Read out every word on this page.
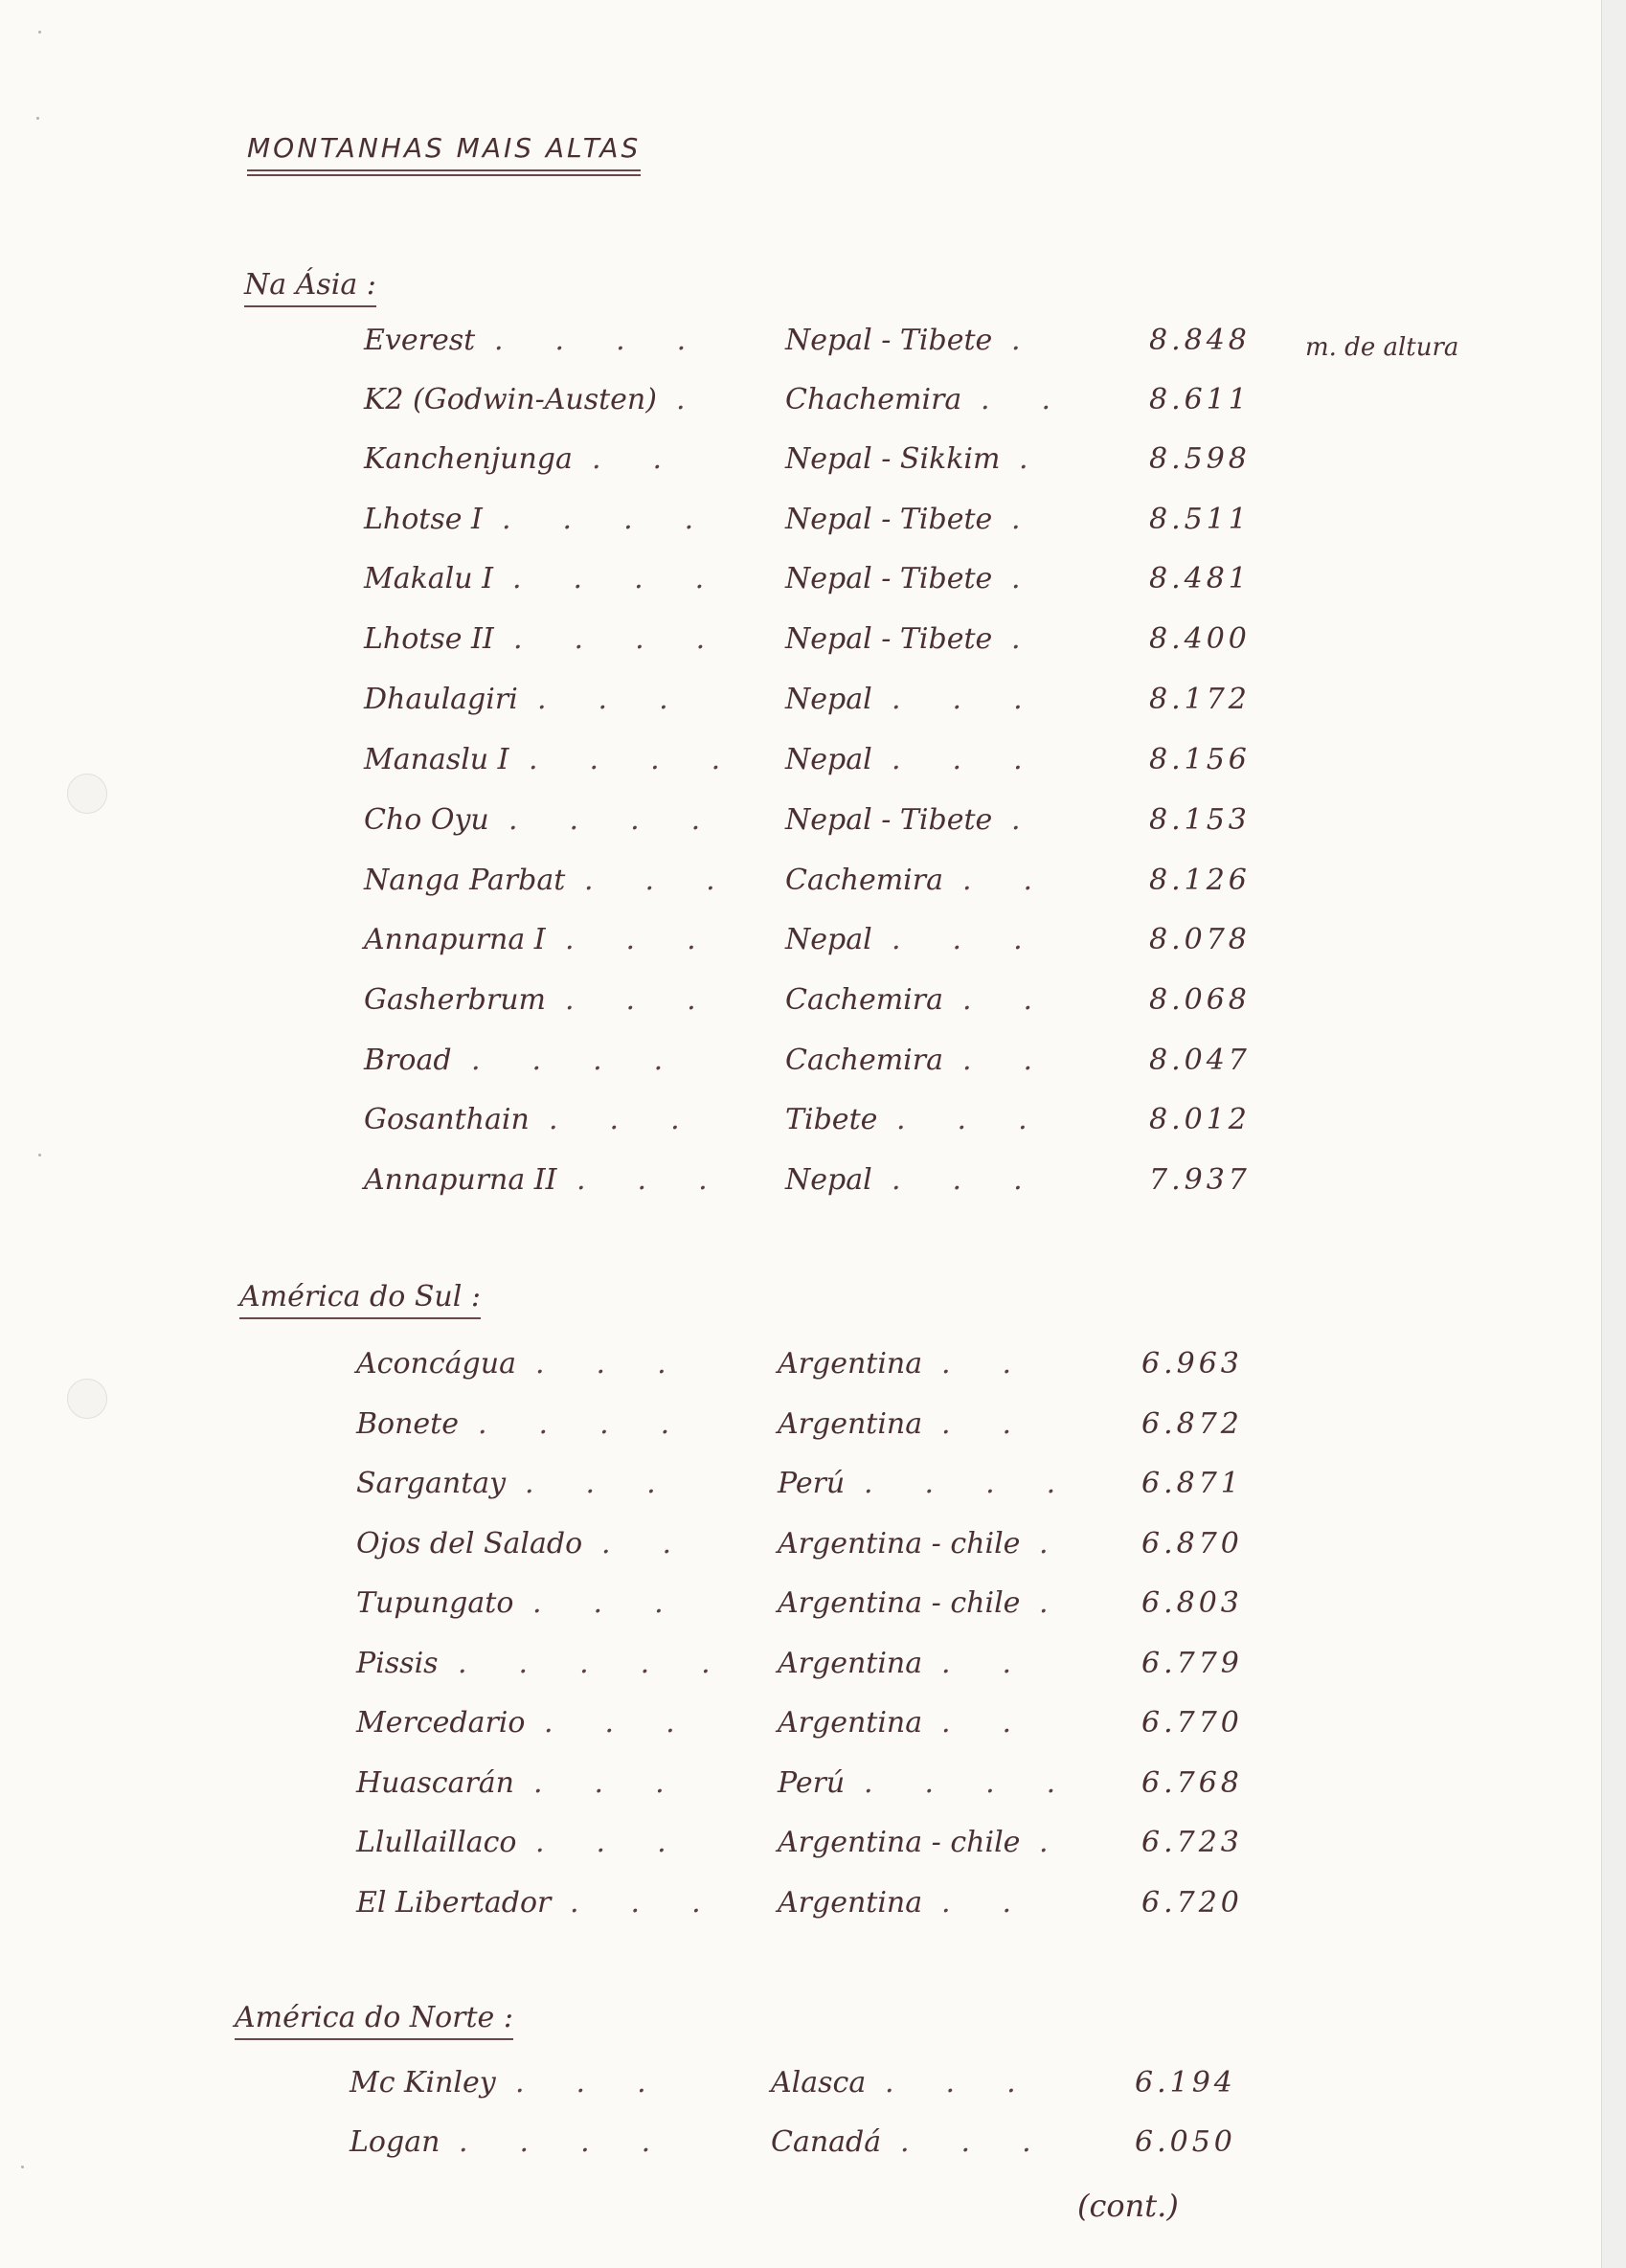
MONTANHAS MAIS ALTAS
m. de altura
Na Ásia :
Everest .... Nepal - Tibete .	8.848
K2 (Godwin-Austen) . Chachemira .. 8.611
Kanchenjunga .. Nepal - Sikkim . 8.598
Lhotse I .... Nepal - Tibete .	8.511
Makalu I .... Nepal - Tibete .	8.481
Lhotse II .... Nepal - Tibete .	8.400
Dhaulagiri ... Nepal ...	8.172
Manaslu I .... Nepal ...	8.156
Cho Oyu .... Nepal - Tibete .	8.153
Nanga Parbat ... Cachemira .. 8.126
Annapurna I ... Nepal ...	8.078
Gasherbrum ... Cachemira .. 8.068
Broad .... Cachemira .. 8.047
Gosanthain ... Tibete ... 8.012
Annapurna II ... Nepal ...	7.937
América do Sul :
Aconcágua ... Argentina ..	6.963
Bonete .... Argentina ..	6.872
Sargantay ... Perú .... 6.871
Ojos del Salado .. Argentina - chile . 6.870
Tupungato ... Argentina - chile . 6.803
Pissis ..... Argentina ..	6.779
Mercedario ... Argentina ..	6.770
Huascarán ... Perú .... 6.768
Llullaillaco ... Argentina - chile . 6.723
El Libertador ... Argentina ..	6.720
América do Norte :
Mc Kinley ...	Alasca ... 6.194
Logan .... Canadá ... 6.050
(cont.)
